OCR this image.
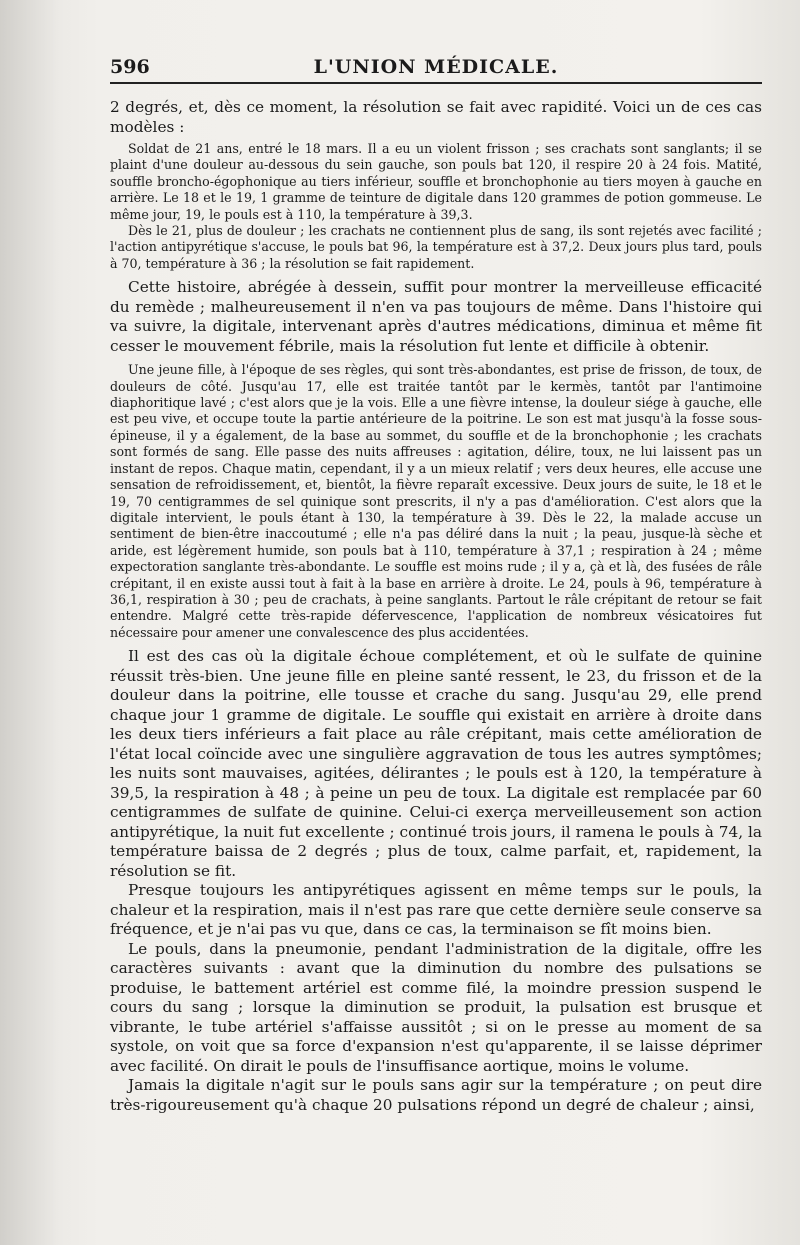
596	L'UNION MÉDICALE.

2 degrés, et, dès ce moment, la résolution se fait avec rapidité. Voici un de ces cas modèles :

Soldat de 21 ans, entré le 18 mars. Il a eu un violent frisson ; ses crachats sont sanglants; il se plaint d'une douleur au-dessous du sein gauche, son pouls bat 120, il respire 20 à 24 fois. Matité, souffle broncho-égophonique au tiers inférieur, souffle et bronchophonie au tiers moyen à gauche en arrière. Le 18 et le 19, 1 gramme de teinture de digitale dans 120 grammes de potion gommeuse. Le même jour, 19, le pouls est à 110, la température à 39,3.

Dès le 21, plus de douleur ; les crachats ne contiennent plus de sang, ils sont rejetés avec facilité ; l'action antipyrétique s'accuse, le pouls bat 96, la température est à 37,2. Deux jours plus tard, pouls à 70, température à 36 ; la résolution se fait rapidement.

Cette histoire, abrégée à dessein, suffit pour montrer la merveilleuse efficacité du remède ; malheureusement il n'en va pas toujours de même. Dans l'histoire qui va suivre, la digitale, intervenant après d'autres médications, diminua et même fit cesser le mouvement fébrile, mais la résolution fut lente et difficile à obtenir.

Une jeune fille, à l'époque de ses règles, qui sont très-abondantes, est prise de frisson, de toux, de douleurs de côté. Jusqu'au 17, elle est traitée tantôt par le kermès, tantôt par l'antimoine diaphoritique lavé ; c'est alors que je la vois. Elle a une fièvre intense, la douleur siége à gauche, elle est peu vive, et occupe toute la partie antérieure de la poitrine. Le son est mat jusqu'à la fosse sous-épineuse, il y a également, de la base au sommet, du souffle et de la bronchophonie ; les crachats sont formés de sang. Elle passe des nuits affreuses : agitation, délire, toux, ne lui laissent pas un instant de repos. Chaque matin, cependant, il y a un mieux relatif ; vers deux heures, elle accuse une sensation de refroidissement, et, bientôt, la fièvre reparaît excessive. Deux jours de suite, le 18 et le 19, 70 centigrammes de sel quinique sont prescrits, il n'y a pas d'amélioration. C'est alors que la digitale intervient, le pouls étant à 130, la température à 39. Dès le 22, la malade accuse un sentiment de bien-être inaccoutumé ; elle n'a pas déliré dans la nuit ; la peau, jusque-là sèche et aride, est légèrement humide, son pouls bat à 110, température à 37,1 ; respiration à 24 ; même expectoration sanglante très-abondante. Le souffle est moins rude ; il y a, çà et là, des fusées de râle crépitant, il en existe aussi tout à fait à la base en arrière à droite. Le 24, pouls à 96, température à 36,1, respiration à 30 ; peu de crachats, à peine sanglants. Partout le râle crépitant de retour se fait entendre. Malgré cette très-rapide défervescence, l'application de nombreux vésicatoires fut nécessaire pour amener une convalescence des plus accidentées.

Il est des cas où la digitale échoue complétement, et où le sulfate de quinine réussit très-bien. Une jeune fille en pleine santé ressent, le 23, du frisson et de la douleur dans la poitrine, elle tousse et crache du sang. Jusqu'au 29, elle prend chaque jour 1 gramme de digitale. Le souffle qui existait en arrière à droite dans les deux tiers inférieurs a fait place au râle crépitant, mais cette amélioration de l'état local coïncide avec une singulière aggravation de tous les autres symptômes; les nuits sont mauvaises, agitées, délirantes ; le pouls est à 120, la température à 39,5, la respiration à 48 ; à peine un peu de toux. La digitale est remplacée par 60 centigrammes de sulfate de quinine. Celui-ci exerça merveilleusement son action antipyrétique, la nuit fut excellente ; continué trois jours, il ramena le pouls à 74, la température baissa de 2 degrés ; plus de toux, calme parfait, et, rapidement, la résolution se fit.

Presque toujours les antipyrétiques agissent en même temps sur le pouls, la chaleur et la respiration, mais il n'est pas rare que cette dernière seule conserve sa fréquence, et je n'ai pas vu que, dans ce cas, la terminaison se fît moins bien.

Le pouls, dans la pneumonie, pendant l'administration de la digitale, offre les caractères suivants : avant que la diminution du nombre des pulsations se produise, le battement artériel est comme filé, la moindre pression suspend le cours du sang ; lorsque la diminution se produit, la pulsation est brusque et vibrante, le tube artériel s'affaisse aussitôt ; si on le presse au moment de sa systole, on voit que sa force d'expansion n'est qu'apparente, il se laisse déprimer avec facilité. On dirait le pouls de l'insuffisance aortique, moins le volume.

Jamais la digitale n'agit sur le pouls sans agir sur la température ; on peut dire très-rigoureusement qu'à chaque 20 pulsations répond un degré de chaleur ; ainsi,
